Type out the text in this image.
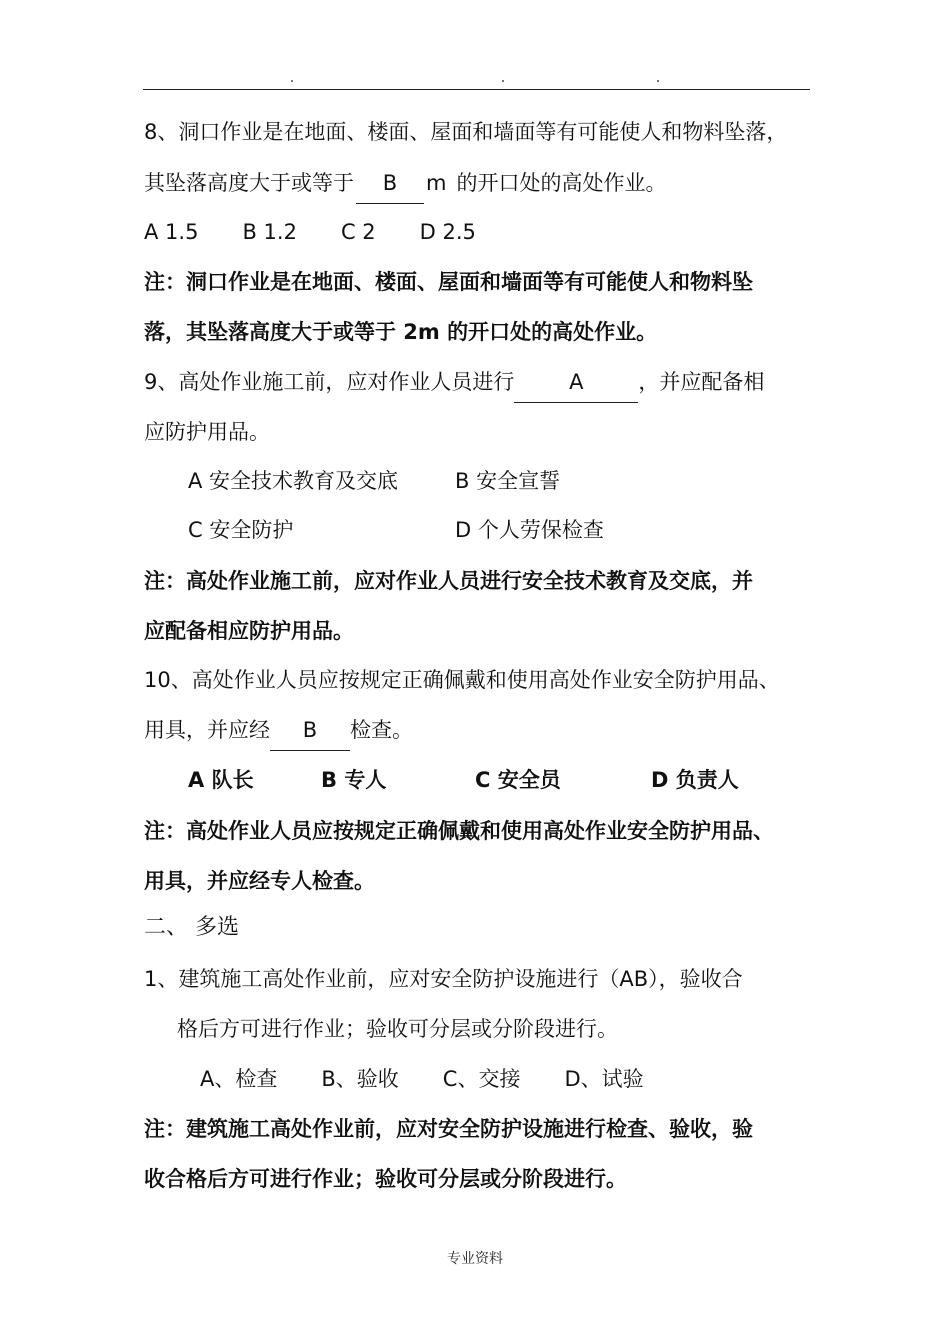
8、洞口作业是在地面、楼面、屋面和墙面等有可能使人和物料坠落，
其坠落高度大于或等于 B m 的开口处的高处作业。
A 1.5 B 1.2 C 2 D 2.5
注：洞口作业是在地面、楼面、屋面和墙面等有可能使人和物料坠
落，其坠落高度大于或等于 2m 的开口处的高处作业。
9、高处作业施工前，应对作业人员进行	A	，并应配备相
应防护用品。
A 安全技术教育及交底	B 安全宣誓
C 安全防护	D 个人劳保检查
注：高处作业施工前，应对作业人员进行安全技术教育及交底，并
应配备相应防护用品。
10、高处作业人员应按规定正确佩戴和使用高处作业安全防护用品、
用具，并应经 B 检查。
A 队长	B 专人	C 安全员	D 负责人
注：高处作业人员应按规定正确佩戴和使用高处作业安全防护用品、
用具，并应经专人检查。
二、 多选
1、建筑施工高处作业前，应对安全防护设施进行（AB），验收合
格后方可进行作业；验收可分层或分阶段进行。
A、检查 B、验收 C、交接 D、试验
注：建筑施工高处作业前，应对安全防护设施进行检查、验收，验
收合格后方可进行作业；验收可分层或分阶段进行。
专业资料
